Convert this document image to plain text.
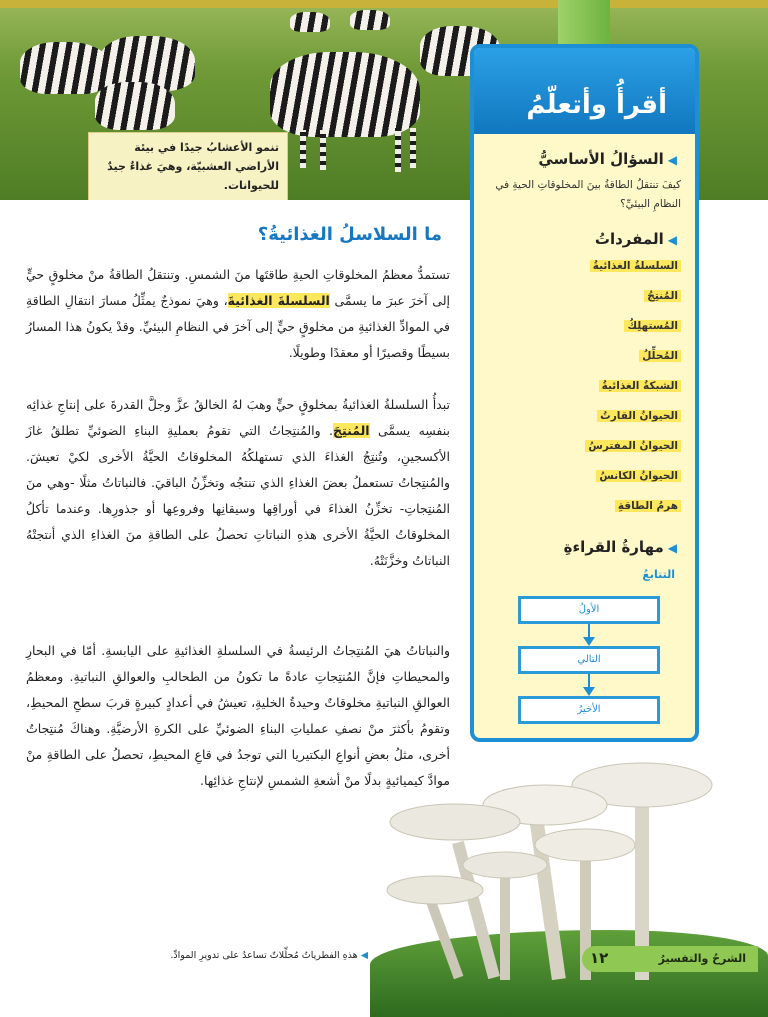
تنمو الأعشابُ جيدًا في بيئة الأراضي العشبيّة، وهيَ غذاءٌ جيدٌ للحيوانات.
أقرأُ وأتعلّمُ
◀السؤالُ الأساسيُّ
كيفَ تنتقلُ الطاقةُ بينَ المخلوقاتِ الحيةِ في النظامِ البيئيِّ؟
◀المفرداتُ
السلسلةُ الغذائيةُ
المُنتِجُ
المُستهلِكُ
المُحلِّلُ
الشبكةُ الغذائيةُ
الحيوانُ القارتُ
الحيوانُ المفترسُ
الحيوانُ الكانسُ
هرمُ الطاقةِ
◀مهارةُ القراءةِ
التتابعُ
الأولُ
التالي
الأخيرُ
ما السلاسلُ الغذائيةُ؟
تستمدُّ معظمُ المخلوقاتِ الحيةِ طاقتَها منَ الشمسِ. وتنتقلُ الطاقةُ منْ مخلوقٍ حيٍّ إلى آخرَ عبرَ ما يسمَّى السلسلةَ الغذائيةَ، وهيَ نموذجٌ يمثِّلُ مسارَ انتقالِ الطاقةِ في الموادِّ الغذائيةِ من مخلوقٍ حيٍّ إلى آخرَ في النظامِ البيئيِّ. وقدْ يكونُ هذا المسارُ بسيطًا وقصيرًا أو معقدًا وطويلًا.
تبدأُ السلسلةُ الغذائيةُ بمخلوقٍ حيٍّ وهبَ لهُ الخالقُ عزَّ وجلَّ القدرةَ على إنتاجِ غذائِه بنفسِه يسمَّى المُنتِجَ. والمُنتِجاتُ التي تقومُ بعمليةِ البناءِ الضوئيِّ تطلقُ غازَ الأكسجينِ، وتُنتِجُ الغذاءَ الذي تستهلكُهُ المخلوقاتُ الحيَّةُ الأخرى لكيْ تعيشَ. والمُنتِجاتُ تستعملُ بعضَ الغذاءِ الذي تنتجُه وتخزِّنُ الباقيَ. فالنباتاتُ مثلًا -وهي منَ المُنتِجاتِ- تخزِّنُ الغذاءَ في أوراقِها وسيقانِها وفروعِها أو جذورِها. وعندما تأكلُ المخلوقاتُ الحيَّةُ الأخرى هذهِ النباتاتِ تحصلُ على الطاقةِ منَ الغذاءِ الذي أنتجتْهُ النباتاتُ وخزَّنَتْهُ.
والنباتاتُ هيَ المُنتِجاتُ الرئيسةُ في السلسلةِ الغذائيةِ على اليابسةِ. أمّا في البحارِ والمحيطاتِ فإنَّ المُنتِجاتِ عادةً ما تكونُ من الطحالبِ والعوالقِ النباتيةِ. ومعظمُ العوالقِ النباتيةِ مخلوقاتٌ وحيدةُ الخليةِ، تعيشُ في أعدادٍ كبيرةٍ قربَ سطحِ المحيطِ، وتقومُ بأكثرَ منْ نصفِ عملياتِ البناءِ الضوئيِّ على الكرةِ الأرضيَّةِ. وهناكَ مُنتِجاتٌ أخرى، مثلُ بعضِ أنواعِ البكتيريا التي توجدُ في قاعِ المحيطِ، تحصلُ على الطاقةِ منْ موادَّ كيميائيةٍ بدلًا منْ أشعةِ الشمسِ لإنتاجِ غذائِها.
◀ هذهِ الفطرياتُ مُحلِّلاتٌ تساعدُ على تدويرِ الموادِّ.	الشرحُ والتفسيرُ
١٢
